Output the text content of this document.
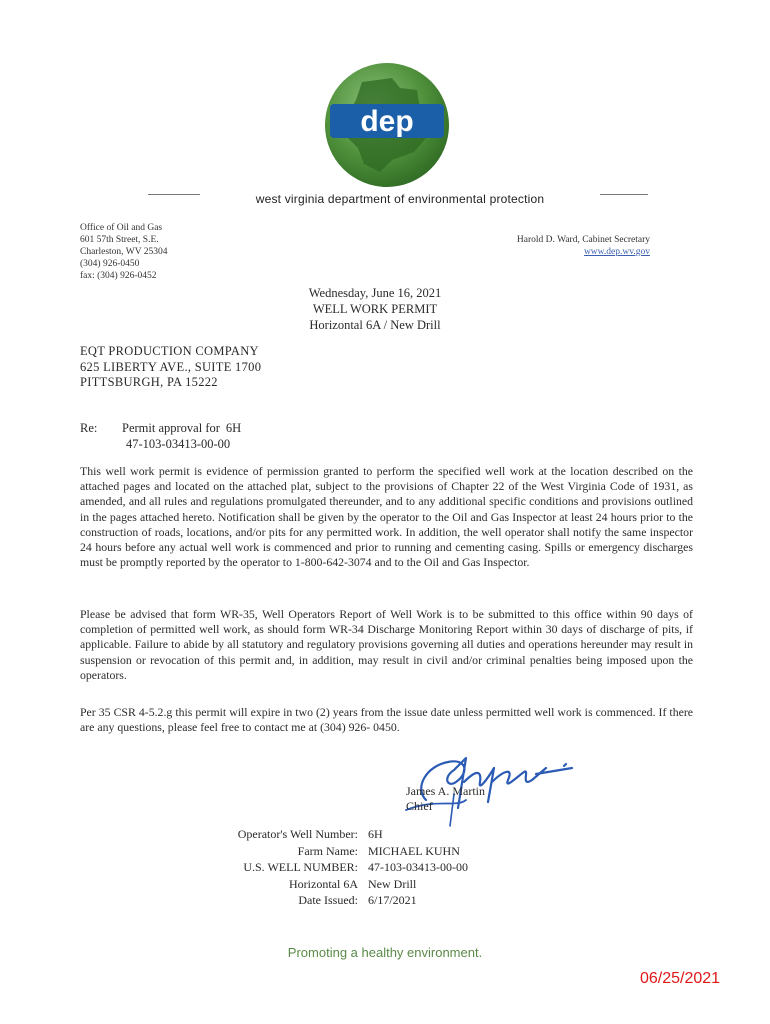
dep
west virginia department of environmental protection
Office of Oil and Gas
601 57th Street, S.E.
Charleston, WV 25304
(304) 926-0450
fax: (304) 926-0452
Harold D. Ward, Cabinet Secretary
www.dep.wv.gov
Wednesday, June 16, 2021
WELL WORK PERMIT
Horizontal 6A / New Drill
EQT PRODUCTION COMPANY
625 LIBERTY AVE., SUITE 1700
PITTSBURGH, PA 15222
Re: Permit approval for 6H
47-103-03413-00-00
This well work permit is evidence of permission granted to perform the specified well work at the location described on the attached pages and located on the attached plat, subject to the provisions of Chapter 22 of the West Virginia Code of 1931, as amended, and all rules and regulations promulgated thereunder, and to any additional specific conditions and provisions outlined in the pages attached hereto. Notification shall be given by the operator to the Oil and Gas Inspector at least 24 hours prior to the construction of roads, locations, and/or pits for any permitted work. In addition, the well operator shall notify the same inspector 24 hours before any actual well work is commenced and prior to running and cementing casing. Spills or emergency discharges must be promptly reported by the operator to 1-800-642-3074 and to the Oil and Gas Inspector.
Please be advised that form WR-35, Well Operators Report of Well Work is to be submitted to this office within 90 days of completion of permitted well work, as should form WR-34 Discharge Monitoring Report within 30 days of discharge of pits, if applicable. Failure to abide by all statutory and regulatory provisions governing all duties and operations hereunder may result in suspension or revocation of this permit and, in addition, may result in civil and/or criminal penalties being imposed upon the operators.
Per 35 CSR 4-5.2.g this permit will expire in two (2) years from the issue date unless permitted well work is commenced. If there are any questions, please feel free to contact me at (304) 926- 0450.
James A. Martin
Chief
Operator's Well Number: 6H
Farm Name: MICHAEL KUHN
U.S. WELL NUMBER: 47-103-03413-00-00
Horizontal 6A New Drill
Date Issued: 6/17/2021
Promoting a healthy environment.
06/25/2021
